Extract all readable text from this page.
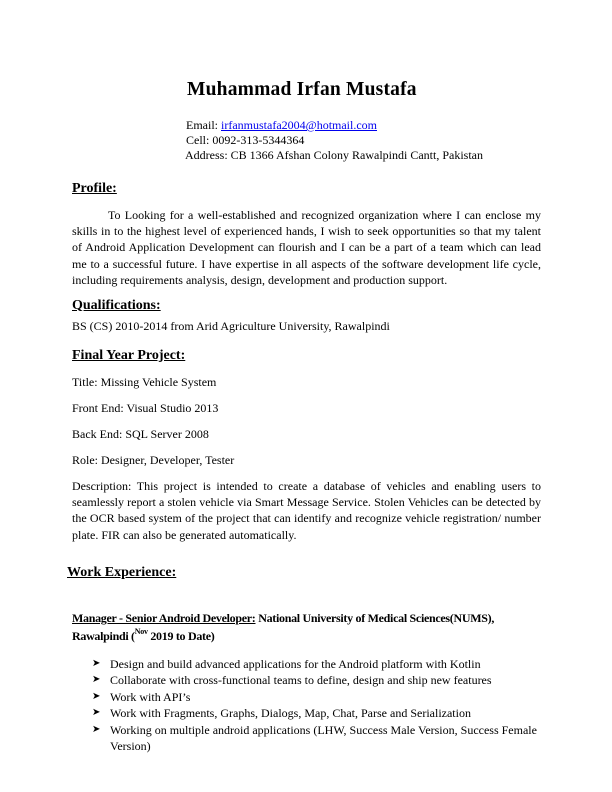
Muhammad Irfan Mustafa
Email: irfanmustafa2004@hotmail.com
Cell: 0092-313-5344364
Address: CB 1366 Afshan Colony Rawalpindi Cantt, Pakistan
Profile:
To Looking for a well-established and recognized organization where I can enclose my skills in to the highest level of experienced hands, I wish to seek opportunities so that my talent of Android Application Development can flourish and I can be a part of a team which can lead me to a successful future. I have expertise in all aspects of the software development life cycle, including requirements analysis, design, development and production support.
Qualifications:
BS (CS) 2010-2014 from Arid Agriculture University, Rawalpindi
Final Year Project:
Title: Missing Vehicle System
Front End: Visual Studio 2013
Back End: SQL Server 2008
Role: Designer, Developer, Tester
Description: This project is intended to create a database of vehicles and enabling users to seamlessly report a stolen vehicle via Smart Message Service. Stolen Vehicles can be detected by the OCR based system of the project that can identify and recognize vehicle registration/ number plate. FIR can also be generated automatically.
Work Experience:
Manager - Senior Android Developer: National University of Medical Sciences(NUMS), Rawalpindi ($^{Nov}$ 2019 to Date)
➤ Design and build advanced applications for the Android platform with Kotlin
➤ Collaborate with cross-functional teams to define, design and ship new features
➤ Work with API’s
➤ Work with Fragments, Graphs, Dialogs, Map, Chat, Parse and Serialization
➤ Working on multiple android applications (LHW, Success Male Version, Success Female Version)
